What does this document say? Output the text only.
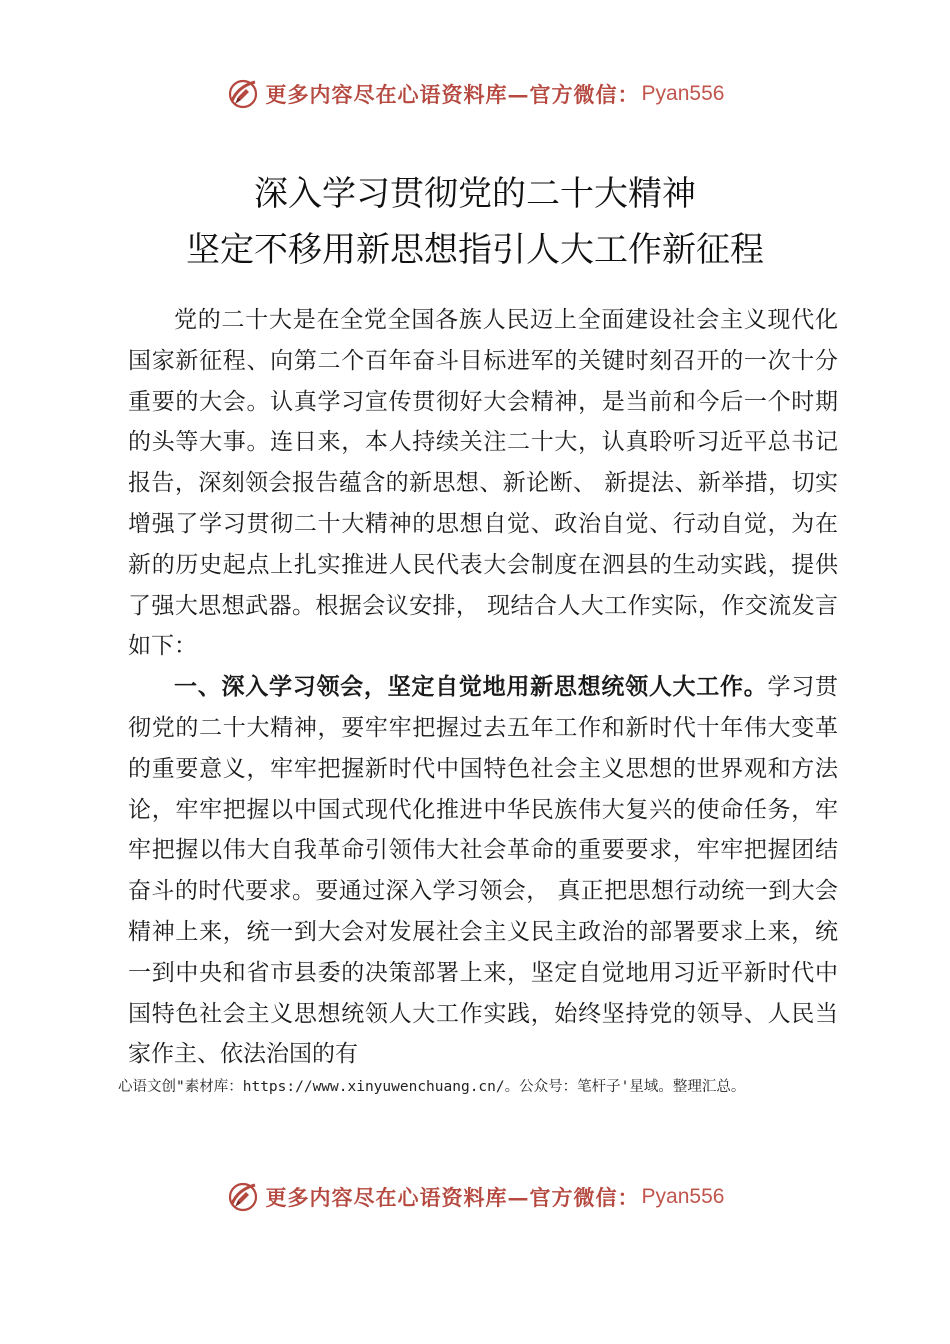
更多内容尽在心语资料库—官方微信： Pyan556
深入学习贯彻党的二十大精神
坚定不移用新思想指引人大工作新征程

党的二十大是在全党全国各族人民迈上全面建设社会主义现代化国家新征程、向第二个百年奋斗目标进军的关键时刻召开的一次十分重要的大会。认真学习宣传贯彻好大会精神，是当前和今后一个时期的头等大事。连日来，本人持续关注二十大，认真聆听习近平总书记报告，深刻领会报告蕴含的新思想、新论断、 新提法、新举措，切实增强了学习贯彻二十大精神的思想自觉、政治自觉、行动自觉，为在新的历史起点上扎实推进人民代表大会制度在泗县的生动实践，提供了强大思想武器。根据会议安排， 现结合人大工作实际，作交流发言如下：

一、深入学习领会，坚定自觉地用新思想统领人大工作。学习贯彻党的二十大精神，要牢牢把握过去五年工作和新时代十年伟大变革的重要意义，牢牢把握新时代中国特色社会主义思想的世界观和方法论，牢牢把握以中国式现代化推进中华民族伟大复兴的使命任务，牢牢把握以伟大自我革命引领伟大社会革命的重要要求，牢牢把握团结奋斗的时代要求。要通过深入学习领会， 真正把思想行动统一到大会精神上来，统一到大会对发展社会主义民主政治的部署要求上来，统一到中央和省市县委的决策部署上来，坚定自觉地用习近平新时代中国特色社会主义思想统领人大工作实践，始终坚持党的领导、人民当家作主、依法治国的有

心语文创"素材库：https://www.xinyuwenchuang.cn/。公众号：笔杆子'星域。整理汇总。
更多内容尽在心语资料库—官方微信： Pyan556
